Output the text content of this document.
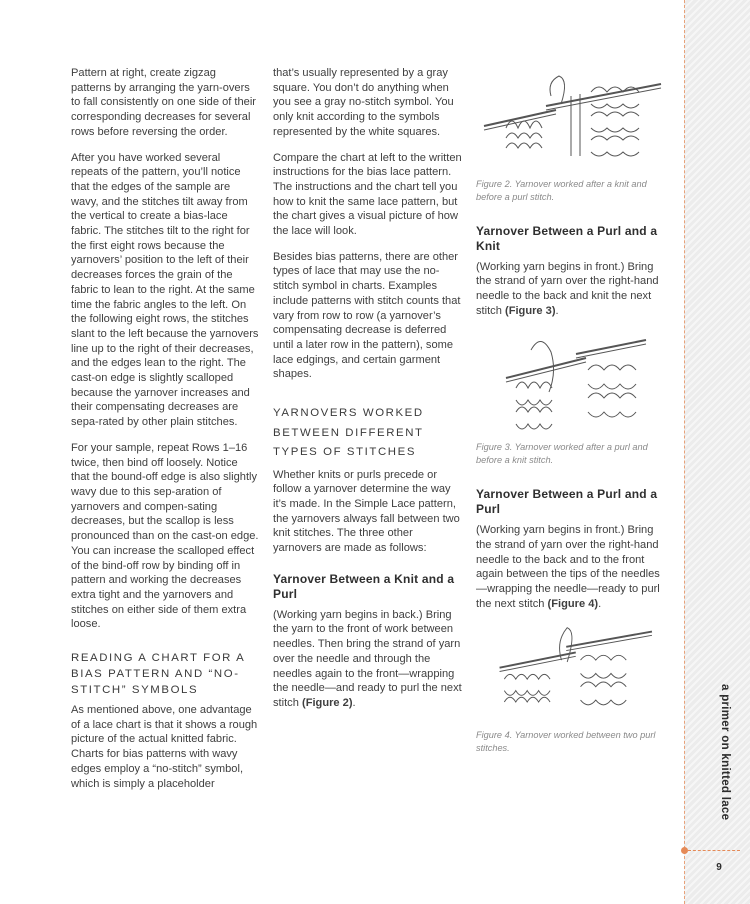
Pattern at right, create zigzag patterns by arranging the yarn-overs to fall consistently on one side of their corresponding decreases for several rows before reversing the order.

After you have worked several repeats of the pattern, you’ll notice that the edges of the sample are wavy, and the stitches tilt away from the vertical to create a bias-lace fabric. The stitches tilt to the right for the first eight rows because the yarnovers’ position to the left of their decreases forces the grain of the fabric to lean to the right. At the same time the fabric angles to the left. On the following eight rows, the stitches slant to the left because the yarnovers line up to the right of their decreases, and the edges lean to the right. The cast-on edge is slightly scalloped because the yarnover increases and their compensating decreases are sepa-rated by other plain stitches.

For your sample, repeat Rows 1–16 twice, then bind off loosely. Notice that the bound-off edge is also slightly wavy due to this sep-aration of yarnovers and compen-sating decreases, but the scallop is less pronounced than on the cast-on edge. You can increase the scalloped effect of the bind-off row by binding off in pattern and working the decreases extra tight and the yarnovers and stitches on either side of them extra loose.

READING A CHART FOR A BIAS PATTERN AND “NO-STITCH” SYMBOLS

As mentioned above, one advantage of a lace chart is that it shows a rough picture of the actual knitted fabric. Charts for bias patterns with wavy edges employ a “no-stitch” symbol, which is simply a placeholder

that’s usually represented by a gray square. You don’t do anything when you see a gray no-stitch symbol. You only knit according to the symbols represented by the white squares.

Compare the chart at left to the written instructions for the bias lace pattern. The instructions and the chart tell you how to knit the same lace pattern, but the chart gives a visual picture of how the lace will look.

Besides bias patterns, there are other types of lace that may use the no-stitch symbol in charts. Examples include patterns with stitch counts that vary from row to row (a yarnover’s compensating decrease is deferred until a later row in the pattern), some lace edgings, and certain garment shapes.

YARNOVERS WORKED BETWEEN DIFFERENT TYPES OF STITCHES

Whether knits or purls precede or follow a yarnover determine the way it’s made. In the Simple Lace pattern, the yarnovers always fall between two knit stitches. The three other yarnovers are made as follows:

Yarnover Between a Knit and a Purl

(Working yarn begins in back.) Bring the yarn to the front of work between needles. Then bring the strand of yarn over the needle and through the needles again to the front—wrapping the needle—and ready to purl the next stitch (Figure 2).

Figure 2. Yarnover worked after a knit and before a purl stitch.
Yarnover Between a Purl and a Knit

(Working yarn begins in front.) Bring the strand of yarn over the right-hand needle to the back and knit the next stitch (Figure 3).

Figure 3. Yarnover worked after a purl and before a knit stitch.
Yarnover Between a Purl and a Purl

(Working yarn begins in front.) Bring the strand of yarn over the right-hand needle to the back and to the front again between the tips of the needles—wrapping the needle—ready to purl the next stitch (Figure 4).

Figure 4. Yarnover worked between two purl stitches.	a primer on knitted lace
9
